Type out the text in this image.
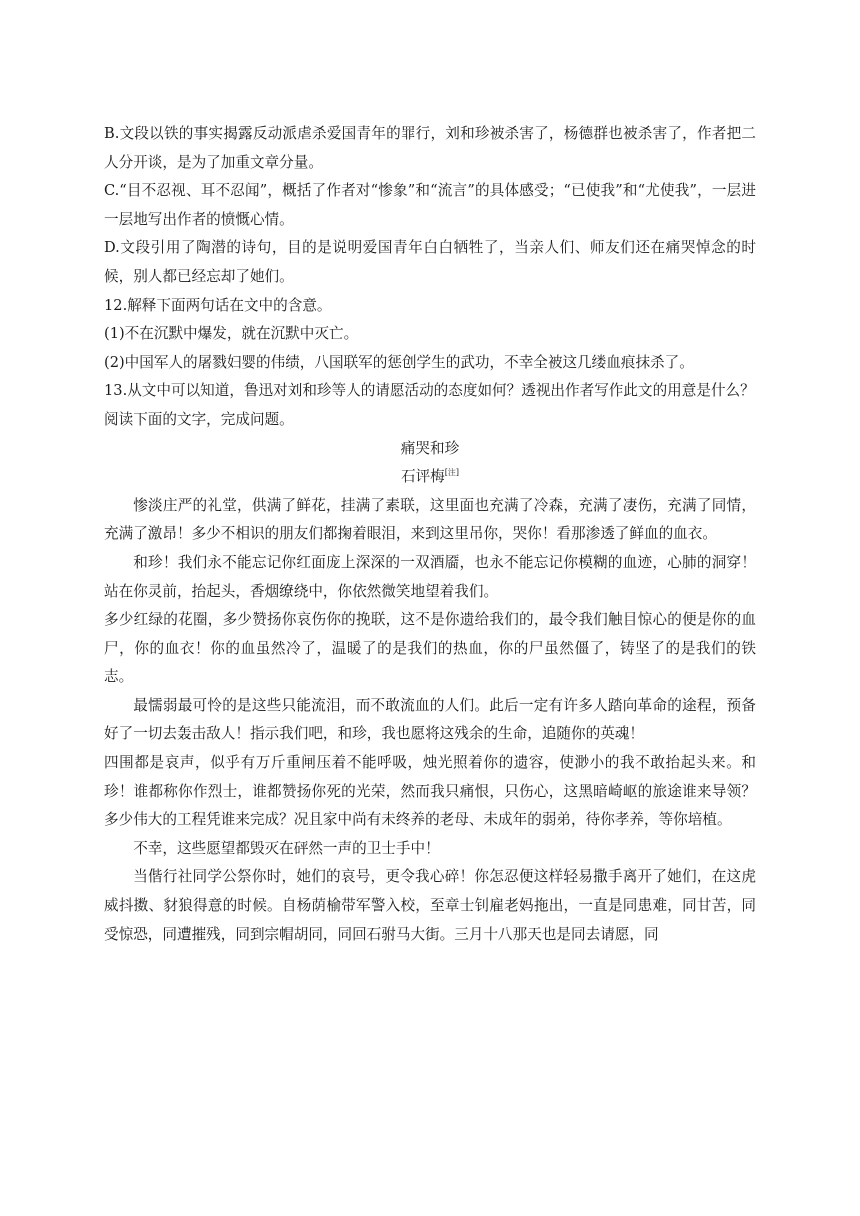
B.文段以铁的事实揭露反动派虐杀爱国青年的罪行，刘和珍被杀害了，杨德群也被杀害了，作者把二人分开谈，是为了加重文章分量。

C.“目不忍视、耳不忍闻”，概括了作者对“惨象”和“流言”的具体感受；“已使我”和“尤使我”，一层进一层地写出作者的愤慨心情。

D.文段引用了陶潜的诗句，目的是说明爱国青年白白牺牲了，当亲人们、师友们还在痛哭悼念的时候，别人都已经忘却了她们。

12.解释下面两句话在文中的含意。

(1)不在沉默中爆发，就在沉默中灭亡。

(2)中国军人的屠戮妇婴的伟绩，八国联军的惩创学生的武功，不幸全被这几缕血痕抹杀了。

13.从文中可以知道，鲁迅对刘和珍等人的请愿活动的态度如何？透视出作者写作此文的用意是什么？

阅读下面的文字，完成问题。

痛哭和珍

石评梅[注]

惨淡庄严的礼堂，供满了鲜花，挂满了素联，这里面也充满了冷森，充满了凄伤，充满了同情，充满了激昂！多少不相识的朋友们都掬着眼泪，来到这里吊你，哭你！看那渗透了鲜血的血衣。

和珍！我们永不能忘记你红面庞上深深的一双酒靥，也永不能忘记你模糊的血迹，心肺的洞穿！站在你灵前，抬起头，香烟缭绕中，你依然微笑地望着我们。

多少红绿的花圈，多少赞扬你哀伤你的挽联，这不是你遗给我们的，最令我们触目惊心的便是你的血尸，你的血衣！你的血虽然冷了，温暖了的是我们的热血，你的尸虽然僵了，铸坚了的是我们的铁志。

最懦弱最可怜的是这些只能流泪，而不敢流血的人们。此后一定有许多人踏向革命的途程，预备好了一切去轰击敌人！指示我们吧，和珍，我也愿将这残余的生命，追随你的英魂！

四围都是哀声，似乎有万斤重闸压着不能呼吸，烛光照着你的遗容，使渺小的我不敢抬起头来。和珍！谁都称你作烈士，谁都赞扬你死的光荣，然而我只痛恨，只伤心，这黑暗崎岖的旅途谁来导领？多少伟大的工程凭谁来完成？况且家中尚有未终养的老母、未成年的弱弟，待你孝养，等你培植。

不幸，这些愿望都毁灭在砰然一声的卫士手中！

当偕行社同学公祭你时，她们的哀号，更令我心碎！你怎忍便这样轻易撒手离开了她们，在这虎威抖擞、豺狼得意的时候。自杨荫榆带军警入校，至章士钊雇老妈拖出，一直是同患难，同甘苦，同受惊恐，同遭摧残，同到宗帽胡同，同回石驸马大街。三月十八那天也是同去请愿，同
